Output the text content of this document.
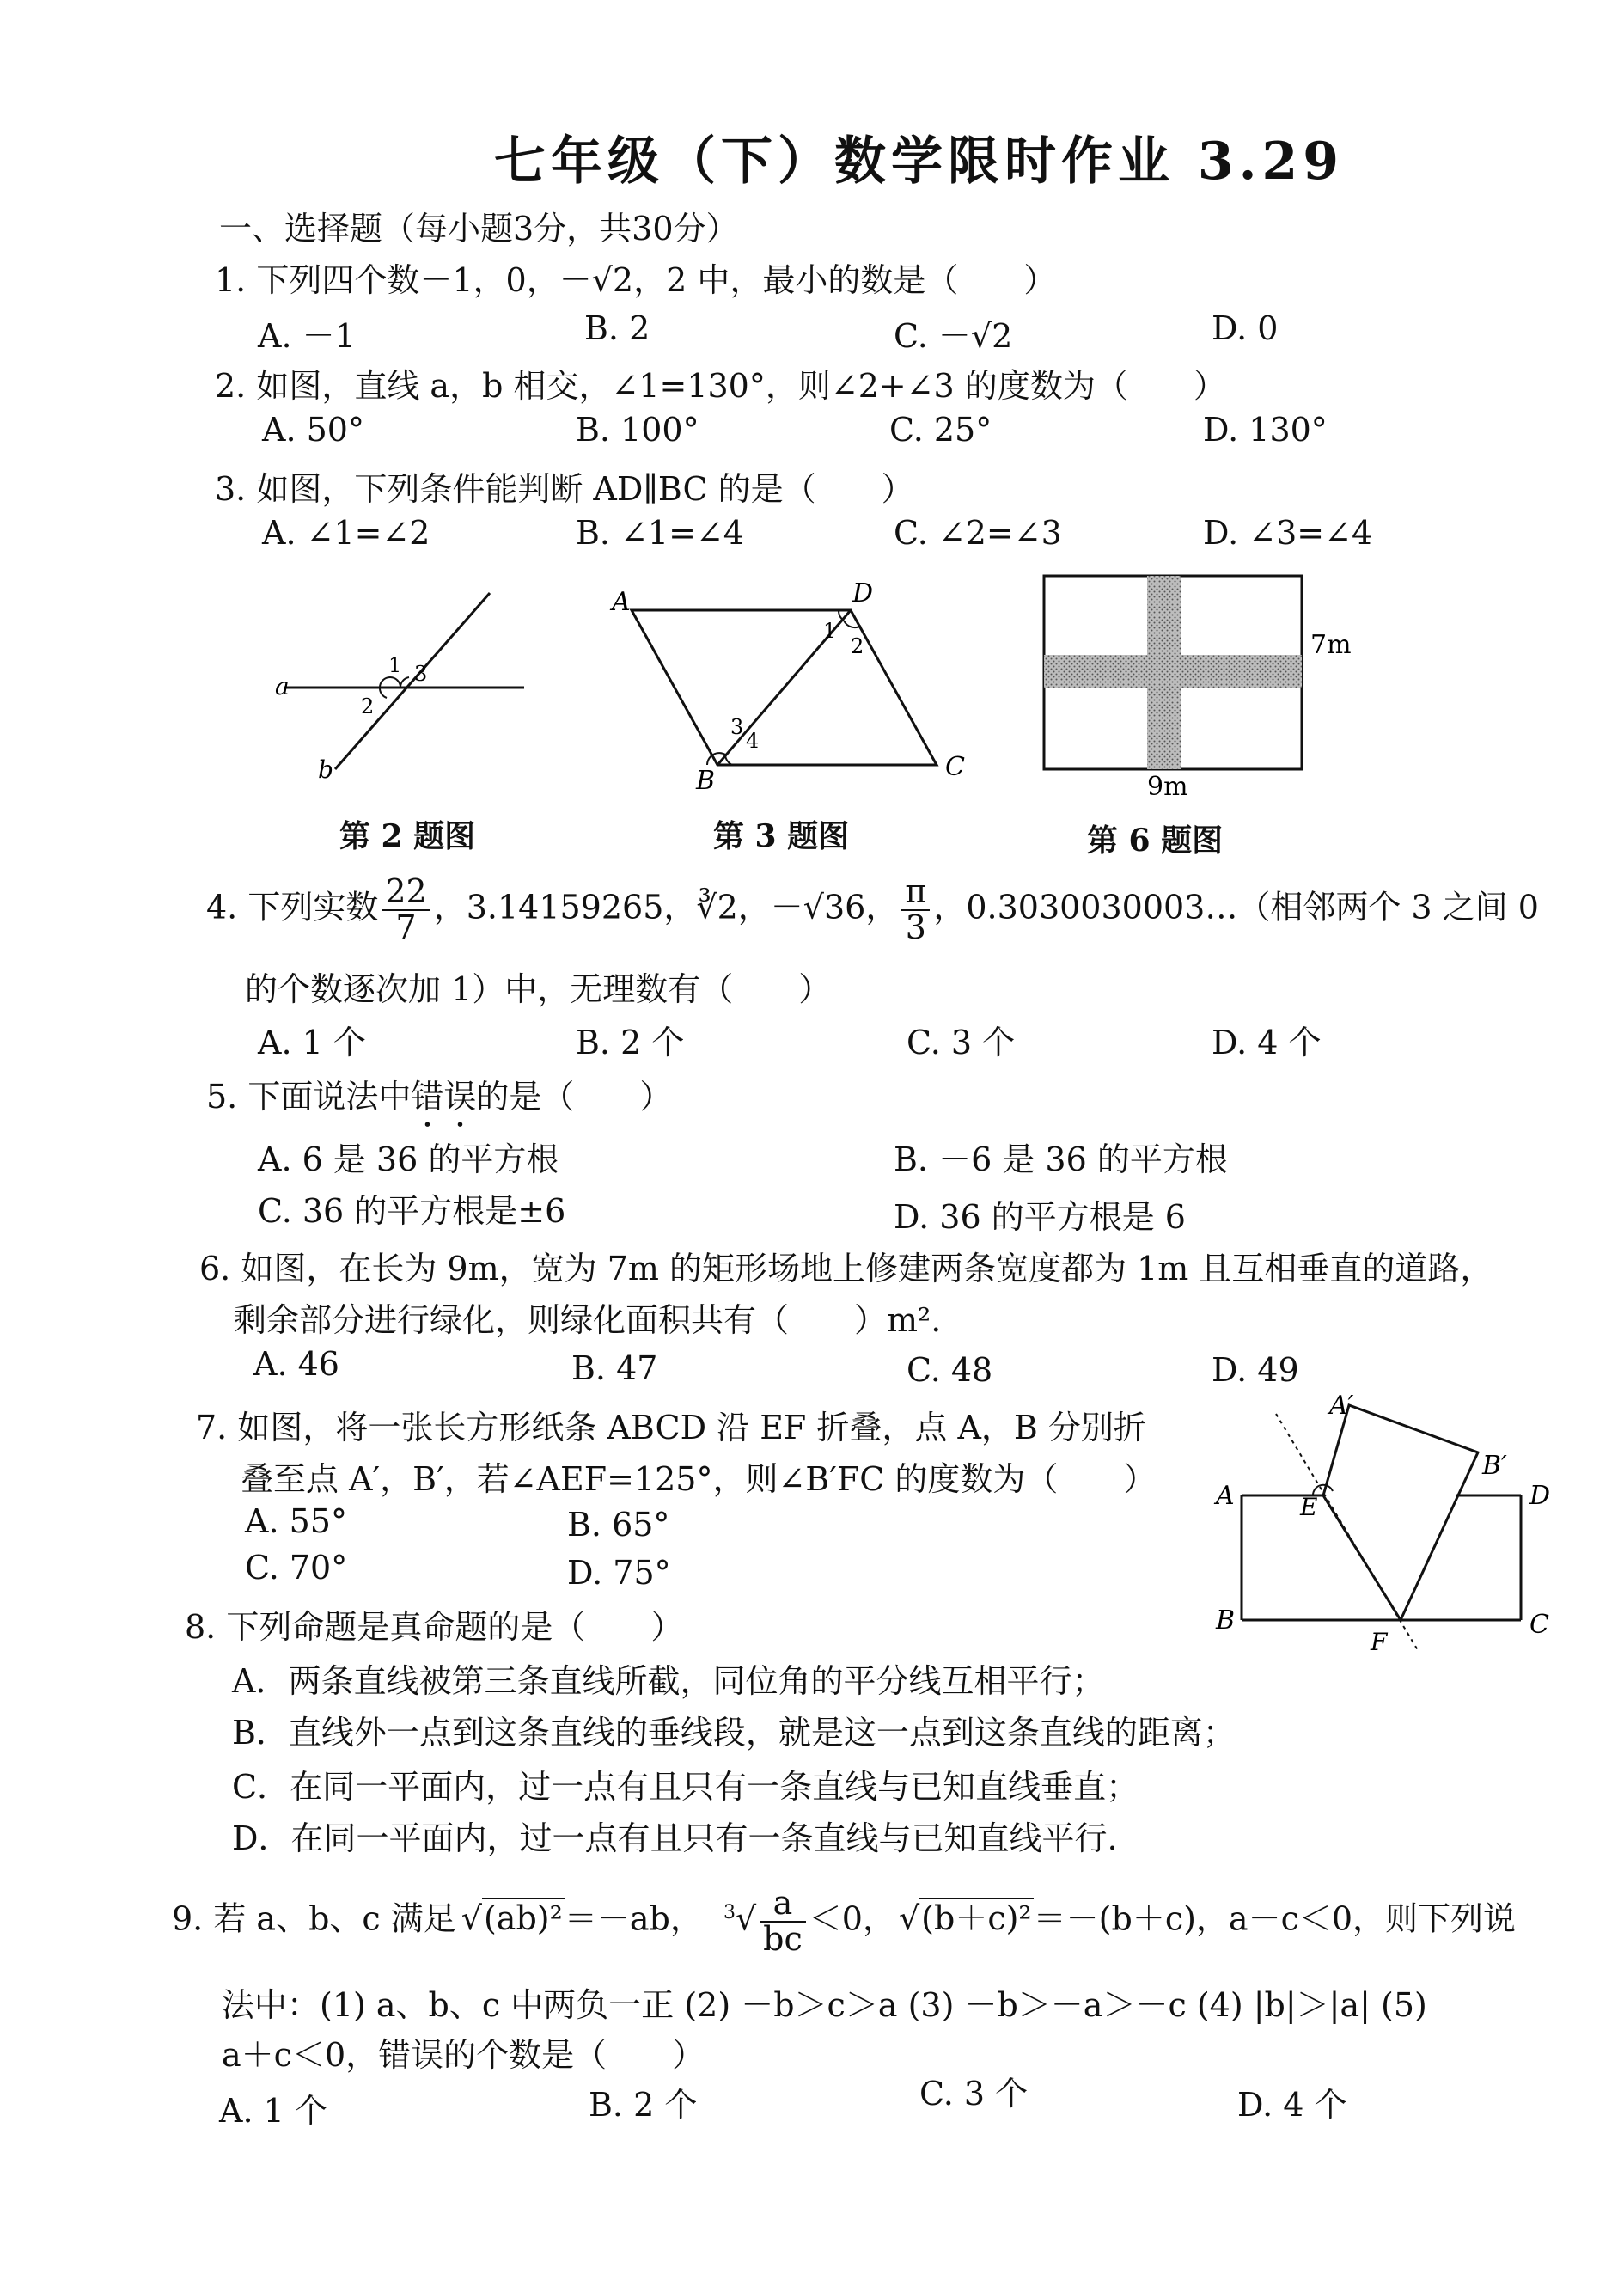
七年级（下）数学限时作业 3.29
一、选择题（每小题3分，共30分）
1. 下列四个数－1，0，－√2，2 中，最小的数是（　　）
A. －1	B. 2	C. －√2	D. 0
2. 如图，直线 a，b 相交，∠1=130°，则∠2+∠3 的度数为（　　）
A. 50°	B. 100°	C. 25°	D. 130°
3. 如图，下列条件能判断 AD∥BC 的是（　　）
A. ∠1=∠2	B. ∠1=∠4	C. ∠2=∠3	D. ∠3=∠4
a
b
1
2
3
第 2 题图
A	D
B	C
1
2
3
4
第 3 题图
7m
9m
第 6 题图
4. 下列实数 $\frac{22}{7}$ ，3.14159265，∛2，－√36， $\frac{\pi}{3}$ ，0.3030030003…（相邻两个 3 之间 0
的个数逐次加 1）中，无理数有（　　）
A. 1 个	B. 2 个	C. 3 个	D. 4 个
5. 下面说法中错误的是（　　）
A. 6 是 36 的平方根	B. －6 是 36 的平方根
C. 36 的平方根是±6	D. 36 的平方根是 6
6. 如图，在长为 9m，宽为 7m 的矩形场地上修建两条宽度都为 1m 且互相垂直的道路，
剩余部分进行绿化，则绿化面积共有（　　）m².
A. 46	B. 47	C. 48	D. 49
7. 如图，将一张长方形纸条 ABCD 沿 EF 折叠，点 A，B 分别折
叠至点 A′，B′，若∠AEF=125°，则∠B′FC 的度数为（　　）
A. 55°	B. 65°
C. 70°	D. 75°
A	D
B	C
E
F
A′
B′
8. 下列命题是真命题的是（　　）
A．两条直线被第三条直线所截，同位角的平分线互相平行；
B．直线外一点到这条直线的垂线段，就是这一点到这条直线的距离；
C．在同一平面内，过一点有且只有一条直线与已知直线垂直；
D．在同一平面内，过一点有且只有一条直线与已知直线平行.
9. 若 a、b、c 满足 √(ab)²＝－ab， $^3√ \frac{a}{bc} <0$， √(b＋c)²＝－(b＋c)，a－c＜0，则下列说
法中：(1) a、b、c 中两负一正 (2) －b＞c＞a (3) －b＞－a＞－c (4) |b|＞|a| (5)
a＋c＜0，错误的个数是（　　）
A. 1 个	B. 2 个	C. 3 个	D. 4 个
